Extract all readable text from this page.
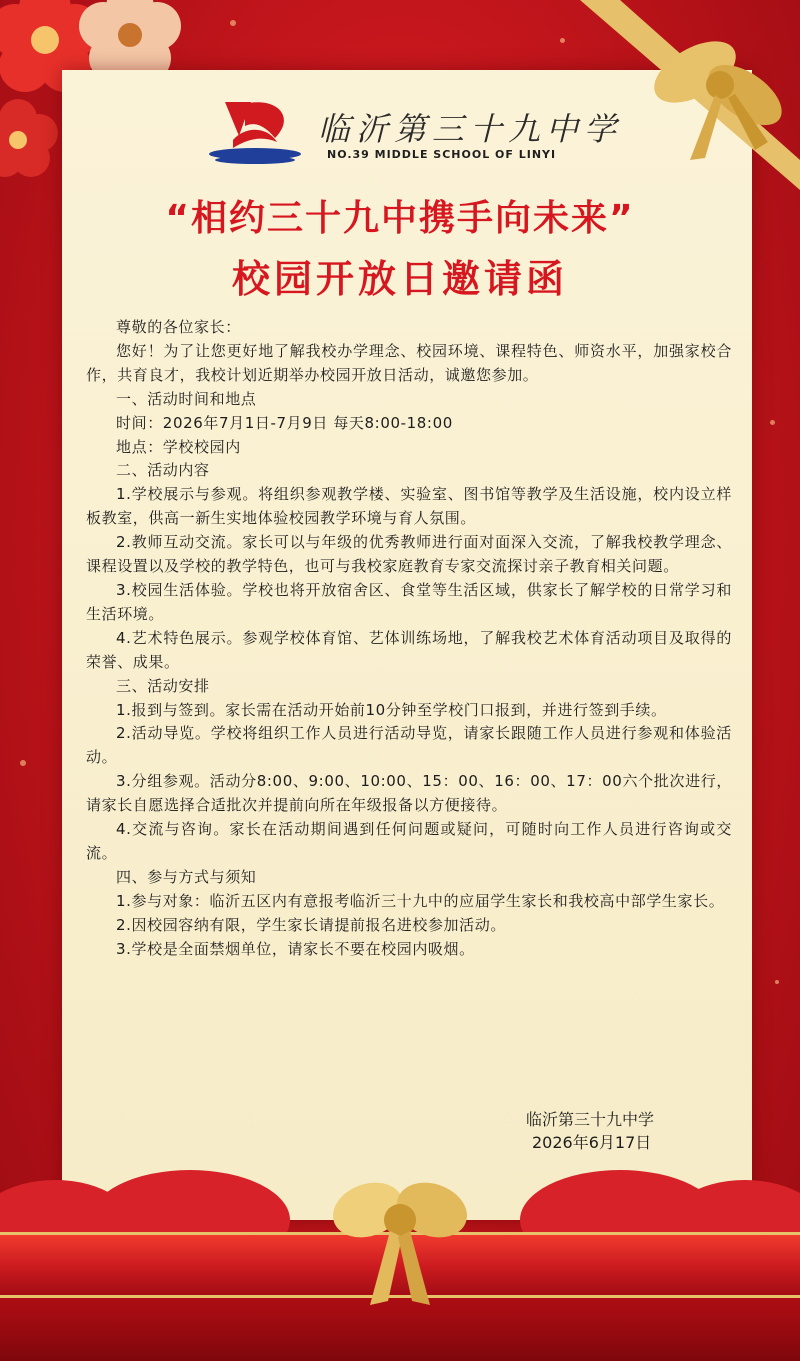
临沂第三十九中学
NO.39 MIDDLE SCHOOL OF LINYI
“相约三十九中携手向未来”
校园开放日邀请函

尊敬的各位家长：

您好！为了让您更好地了解我校办学理念、校园环境、课程特色、师资水平，加强家校合作，共育良才，我校计划近期举办校园开放日活动，诚邀您参加。

一、活动时间和地点

时间：2026年7月1日-7月9日 每天8:00-18:00

地点：学校校园内

二、活动内容

1.学校展示与参观。将组织参观教学楼、实验室、图书馆等教学及生活设施，校内设立样板教室，供高一新生实地体验校园教学环境与育人氛围。

2.教师互动交流。家长可以与年级的优秀教师进行面对面深入交流，了解我校教学理念、课程设置以及学校的教学特色，也可与我校家庭教育专家交流探讨亲子教育相关问题。

3.校园生活体验。学校也将开放宿舍区、食堂等生活区域，供家长了解学校的日常学习和生活环境。

4.艺术特色展示。参观学校体育馆、艺体训练场地，了解我校艺术体育活动项目及取得的荣誉、成果。

三、活动安排

1.报到与签到。家长需在活动开始前10分钟至学校门口报到，并进行签到手续。

2.活动导览。学校将组织工作人员进行活动导览，请家长跟随工作人员进行参观和体验活动。

3.分组参观。活动分8:00、9:00、10:00、15：00、16：00、17：00六个批次进行，请家长自愿选择合适批次并提前向所在年级报备以方便接待。

4.交流与咨询。家长在活动期间遇到任何问题或疑问，可随时向工作人员进行咨询或交流。

四、参与方式与须知

1.参与对象：临沂五区内有意报考临沂三十九中的应届学生家长和我校高中部学生家长。

2.因校园容纳有限，学生家长请提前报名进校参加活动。

3.学校是全面禁烟单位，请家长不要在校园内吸烟。

临沂第三十九中学
2026年6月17日
